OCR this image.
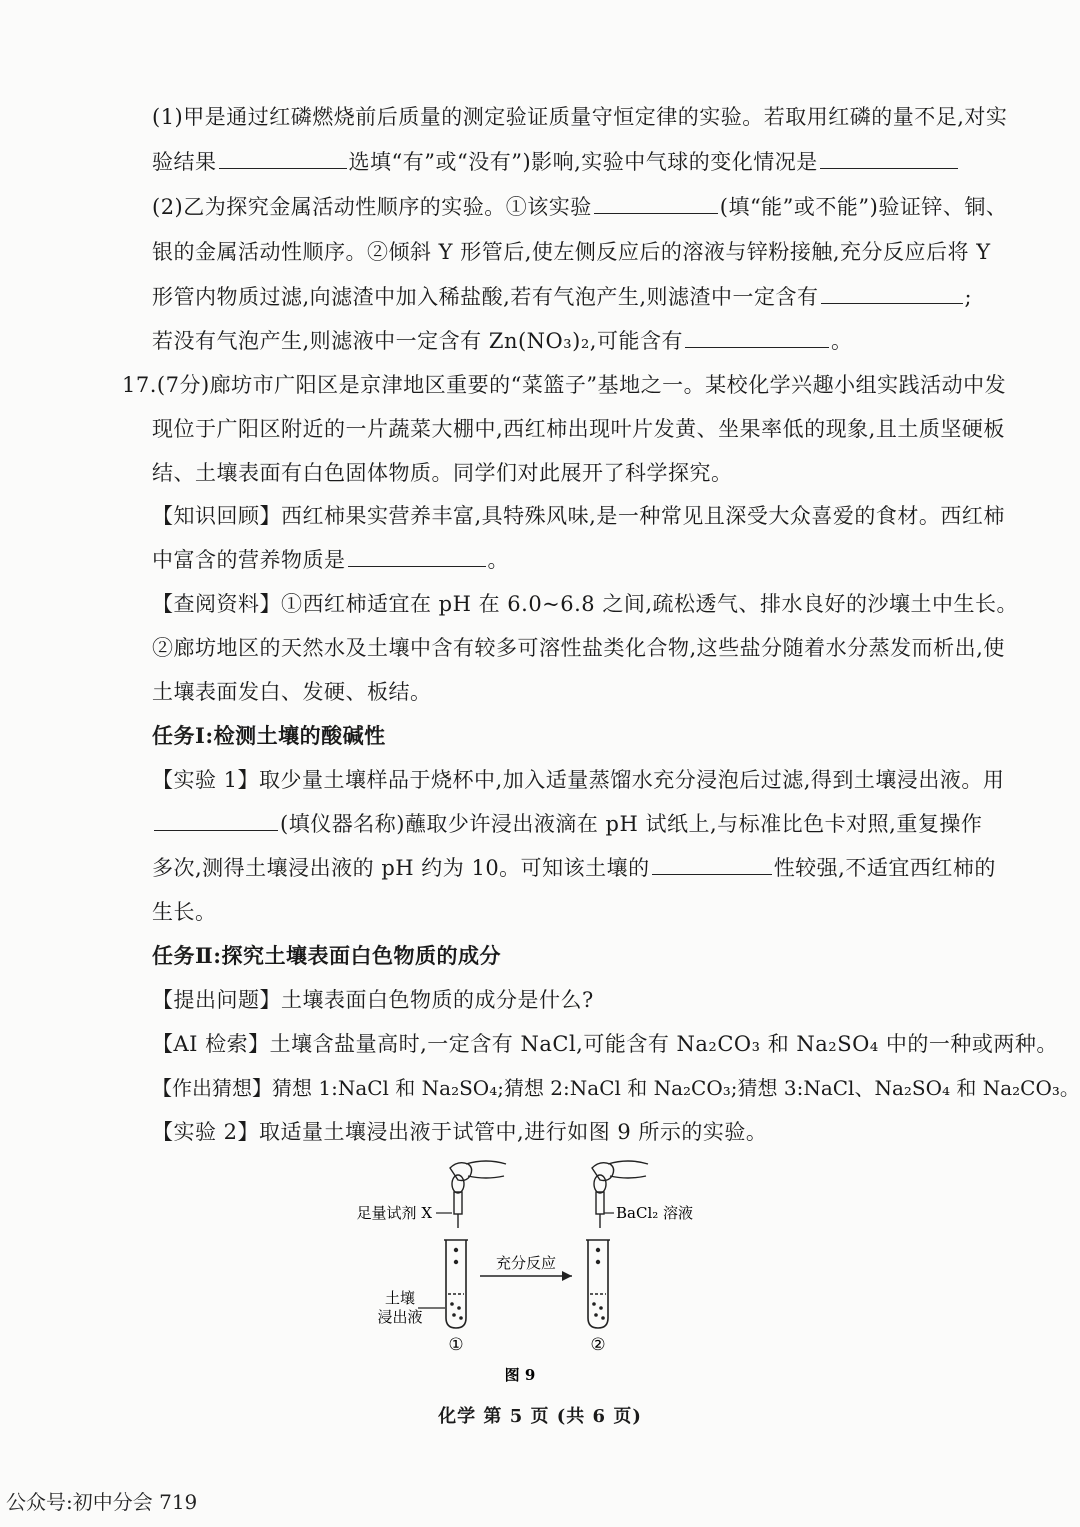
(1)甲是通过红磷燃烧前后质量的测定验证质量守恒定律的实验。若取用红磷的量不足,对实
验结果	选填“有”或“没有”)影响,实验中气球的变化情况是
(2)乙为探究金属活动性顺序的实验。①该实验	(填“能”或不能”)验证锌、铜、
银的金属活动性顺序。②倾斜 Y 形管后,使左侧反应后的溶液与锌粉接触,充分反应后将 Y
形管内物质过滤,向滤渣中加入稀盐酸,若有气泡产生,则滤渣中一定含有	;
若没有气泡产生,则滤液中一定含有 Zn(NO₃)₂,可能含有	。
17.(7分)廊坊市广阳区是京津地区重要的“菜篮子”基地之一。某校化学兴趣小组实践活动中发
现位于广阳区附近的一片蔬菜大棚中,西红柿出现叶片发黄、坐果率低的现象,且土质坚硬板
结、土壤表面有白色固体物质。同学们对此展开了科学探究。
【知识回顾】西红柿果实营养丰富,具特殊风味,是一种常见且深受大众喜爱的食材。西红柿
中富含的营养物质是	。
【查阅资料】①西红柿适宜在 pH 在 6.0~6.8 之间,疏松透气、排水良好的沙壤土中生长。
②廊坊地区的天然水及土壤中含有较多可溶性盐类化合物,这些盐分随着水分蒸发而析出,使
土壤表面发白、发硬、板结。
任务Ⅰ:检测土壤的酸碱性
【实验 1】取少量土壤样品于烧杯中,加入适量蒸馏水充分浸泡后过滤,得到土壤浸出液。用
(填仪器名称)蘸取少许浸出液滴在 pH 试纸上,与标准比色卡对照,重复操作
多次,测得土壤浸出液的 pH 约为 10。可知该土壤的	性较强,不适宜西红柿的
生长。
任务Ⅱ:探究土壤表面白色物质的成分
【提出问题】土壤表面白色物质的成分是什么?
【AI 检索】土壤含盐量高时,一定含有 NaCl,可能含有 Na₂CO₃ 和 Na₂SO₄ 中的一种或两种。
【作出猜想】猜想 1:NaCl 和 Na₂SO₄;猜想 2:NaCl 和 Na₂CO₃;猜想 3:NaCl、Na₂SO₄ 和 Na₂CO₃。
【实验 2】取适量土壤浸出液于试管中,进行如图 9 所示的实验。
足量试剂 X	BaCl₂ 溶液
充分反应
土壤
浸出液
①	②
图 9
化学 第 5 页 (共 6 页)
公众号:初中分会 719
